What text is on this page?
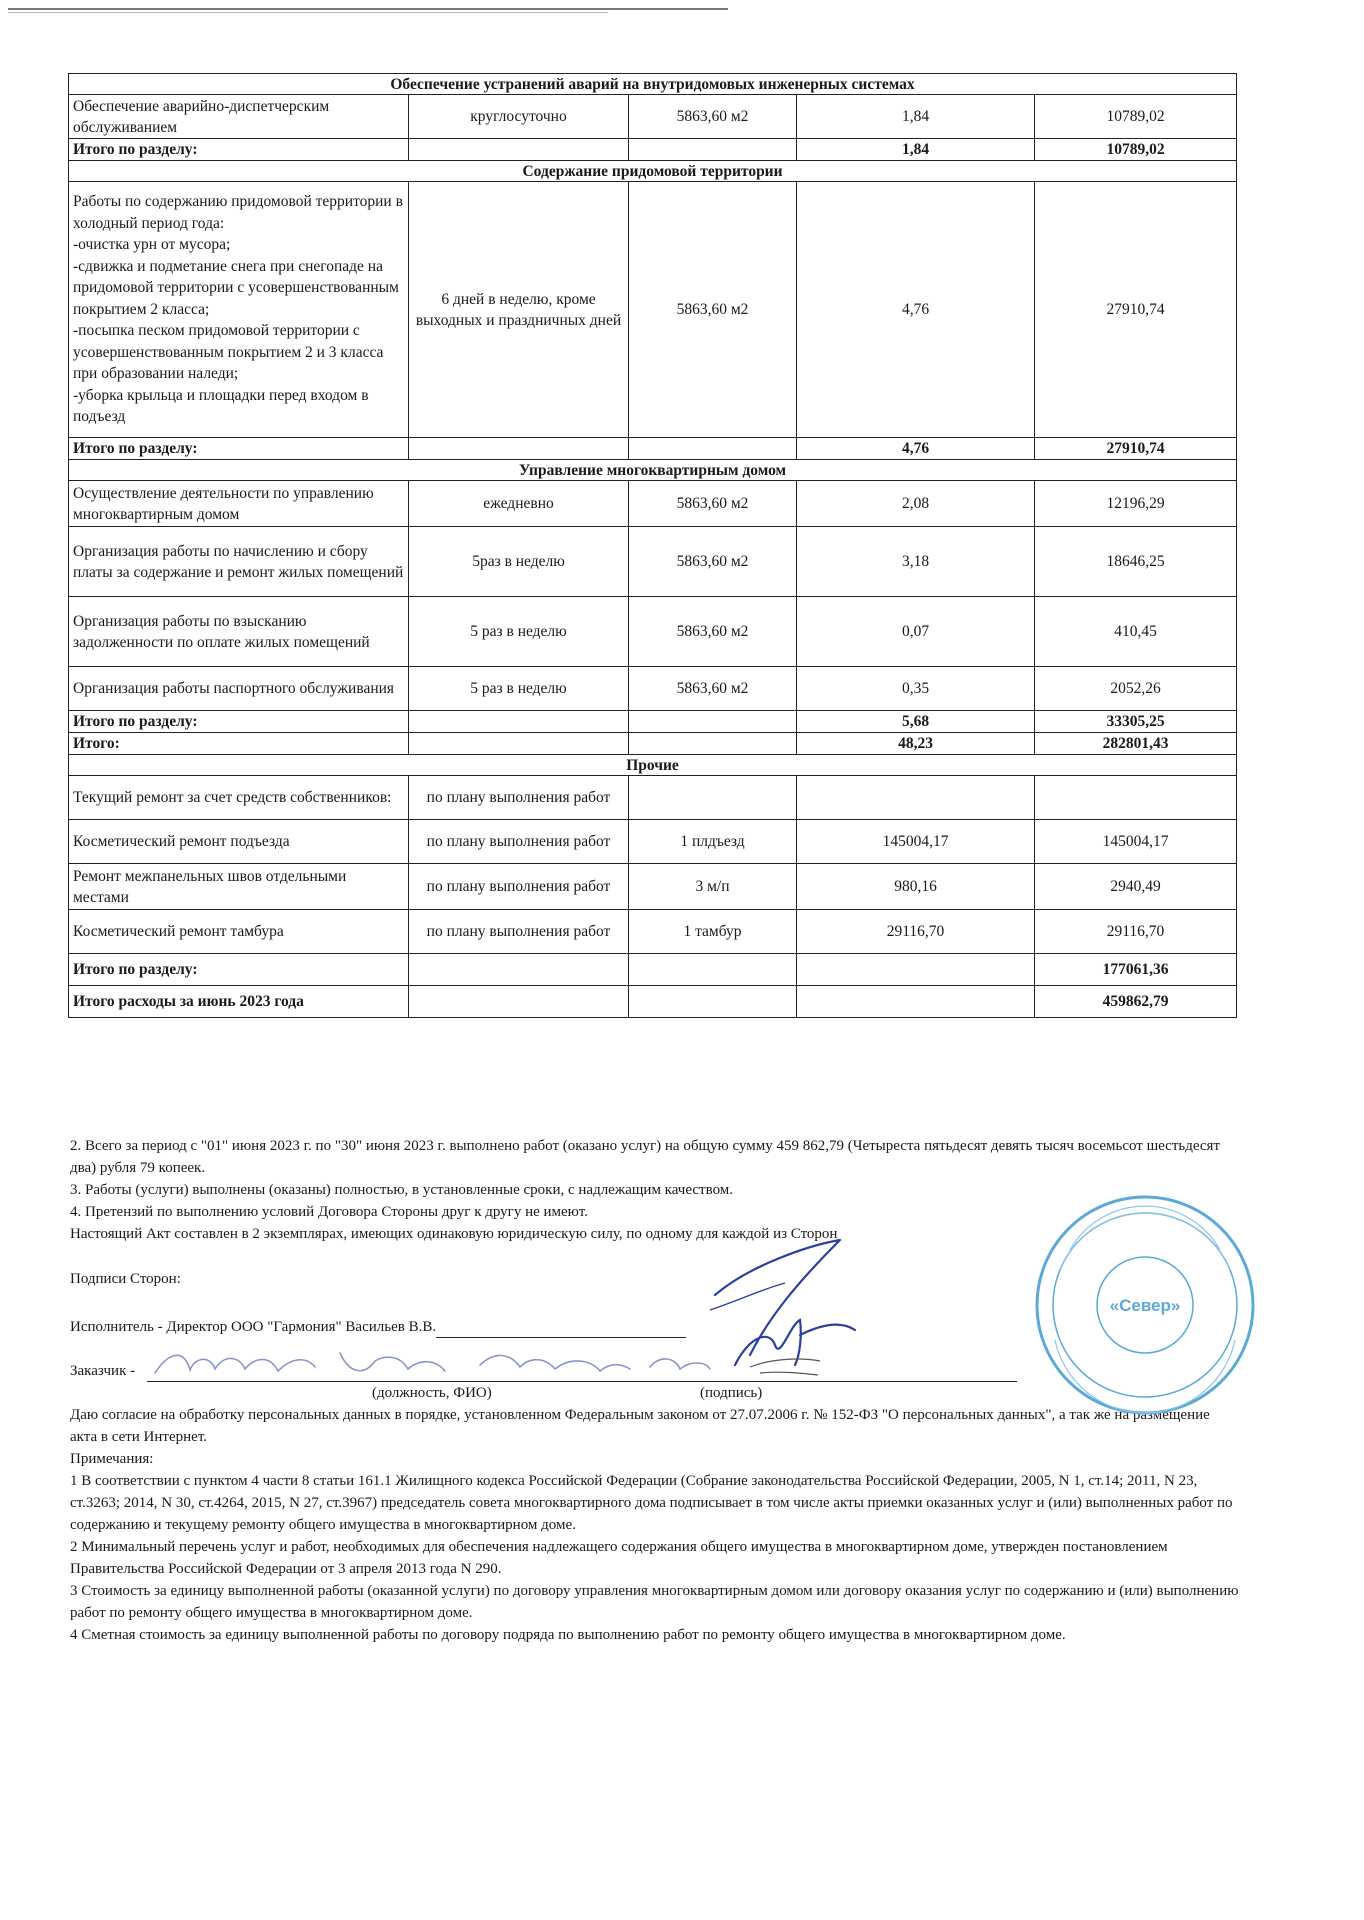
Обеспечение устранений аварий на внутридомовых инженерных системах				
Обеспечение аварийно-диспетчерским обслуживанием	круглосуточно	5863,60 м2	1,84	10789,02
Итого по разделу:			1,84	10789,02
Содержание придомовой территории				
Работы по содержанию придомовой территории в холодный период года:
-очистка урн от мусора;
-сдвижка и подметание снега при снегопаде на придомовой территории с усовершенствованным покрытием 2 класса;
-посыпка песком придомовой территории с усовершенствованным покрытием 2 и 3 класса при образовании наледи;
-уборка крыльца и площадки перед входом в подъезд	6 дней в неделю, кроме выходных и праздничных дней	5863,60 м2	4,76	27910,74
Итого по разделу:			4,76	27910,74
Управление многоквартирным домом				
Осуществление деятельности по управлению многоквартирным домом	ежедневно	5863,60 м2	2,08	12196,29
Организация работы по начислению и сбору платы за содержание и ремонт жилых помещений	5раз в неделю	5863,60 м2	3,18	18646,25
Организация работы по взысканию задолженности по оплате жилых помещений	5 раз в неделю	5863,60 м2	0,07	410,45
Организация работы паспортного обслуживания	5 раз в неделю	5863,60 м2	0,35	2052,26
Итого по разделу:			5,68	33305,25
Итого:			48,23	282801,43
Прочие				
Текущий ремонт за счет средств собственников:	по плану выполнения работ			
Косметический ремонт подъезда	по плану выполнения работ	1 плдъезд	145004,17	145004,17
Ремонт межпанельных швов отдельными местами	по плану выполнения работ	3 м/п	980,16	2940,49
Косметический ремонт тамбура	по плану выполнения работ	1 тамбур	29116,70	29116,70
Итого по разделу:				177061,36
Итого расходы за июнь 2023 года				459862,79

2. Всего за период с "01" июня 2023 г. по "30" июня 2023 г. выполнено работ (оказано услуг) на общую сумму 459 862,79 (Четыреста пятьдесят девять тысяч восемьсот шестьдесят два) рубля 79 копеек.

3. Работы (услуги) выполнены (оказаны) полностью, в установленные сроки, с надлежащим качеством.

4. Претензий по выполнению условий Договора Стороны друг к другу не имеют.

Настоящий Акт составлен в 2 экземплярах, имеющих одинаковую юридическую силу, по одному для каждой из Сторон

Подписи Сторон:
Исполнитель - Директор ООО "Гармония" Васильев В.В.
Заказчик -
(должность, ФИО)	(подпись)

Даю согласие на обработку персональных данных в порядке, установленном Федеральным законом от 27.07.2006 г. № 152-ФЗ "О персональных данных", а так же на размещение акта в сети Интернет.

Примечания:

1 В соответствии с пунктом 4 части 8 статьи 161.1 Жилищного кодекса Российской Федерации (Собрание законодательства Российской Федерации, 2005, N 1, ст.14; 2011, N 23, ст.3263; 2014, N 30, ст.4264, 2015, N 27, ст.3967) председатель совета многоквартирного дома подписывает в том числе акты приемки оказанных услуг и (или) выполненных работ по содержанию и текущему ремонту общего имущества в многоквартирном доме.

2 Минимальный перечень услуг и работ, необходимых для обеспечения надлежащего содержания общего имущества в многоквартирном доме, утвержден постановлением Правительства Российской Федерации от 3 апреля 2013 года N 290.

3 Стоимость за единицу выполненной работы (оказанной услуги) по договору управления многоквартирным домом или договору оказания услуг по содержанию и (или) выполнению работ по ремонту общего имущества в многоквартирном доме.

4 Сметная стоимость за единицу выполненной работы по договору подряда по выполнению работ по ремонту общего имущества в многоквартирном доме.

«Север»
